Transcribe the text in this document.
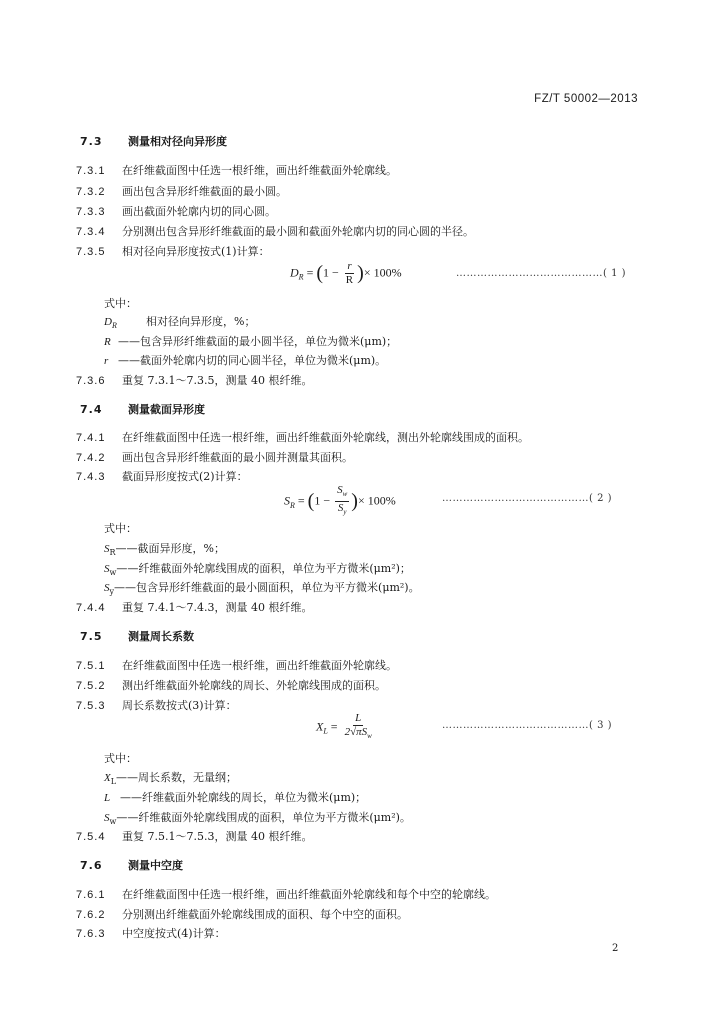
FZ/T 50002—2013
7.3 测量相对径向异形度
7.3.1 在纤维截面图中任选一根纤维，画出纤维截面外轮廓线。
7.3.2 画出包含异形纤维截面的最小圆。
7.3.3 画出截面外轮廓内切的同心圆。
7.3.4 分别测出包含异形纤维截面的最小圆和截面外轮廓内切的同心圆的半径。
7.3.5 相对径向异形度按式(1)计算：
$D_R = (1 - \frac{r}{R}$ )× 100%	……………………………………( 1 )
式中：
$D_R$	相对径向异形度，%；
R ——包含异形纤维截面的最小圆半径，单位为微米(μm)；
r ——截面外轮廓内切的同心圆半径，单位为微米(μm)。
7.3.6 重复 7.3.1～7.3.5，测量 40 根纤维。
7.4 测量截面异形度
7.4.1 在纤维截面图中任选一根纤维，画出纤维截面外轮廓线，测出外轮廓线围成的面积。
7.4.2 画出包含异形纤维截面的最小圆并测量其面积。
7.4.3 截面异形度按式(2)计算：
$S_R = (1 - \frac{S_w}{S_y}$ )× 100%	……………………………………( 2 )
式中：
$S_R——$截面异形度，%；
$S_w——$纤维截面外轮廓线围成的面积，单位为平方微米(μm²)；
$S_y——$包含异形纤维截面的最小圆面积，单位为平方微米(μm²)。
7.4.4 重复 7.4.1～7.4.3，测量 40 根纤维。
7.5 测量周长系数
7.5.1 在纤维截面图中任选一根纤维，画出纤维截面外轮廓线。
7.5.2 测出纤维截面外轮廓线的周长、外轮廓线围成的面积。
7.5.3 周长系数按式(3)计算：
$X_L = \frac{L}{2√\pi S_w}$	……………………………………( 3 )
式中：
$X_L——$周长系数，无量纲；
L ——纤维截面外轮廓线的周长，单位为微米(μm)；
$S_w——$纤维截面外轮廓线围成的面积，单位为平方微米(μm²)。
7.5.4 重复 7.5.1～7.5.3，测量 40 根纤维。
7.6 测量中空度
7.6.1 在纤维截面图中任选一根纤维，画出纤维截面外轮廓线和每个中空的轮廓线。
7.6.2 分别测出纤维截面外轮廓线围成的面积、每个中空的面积。
7.6.3 中空度按式(4)计算：
2
